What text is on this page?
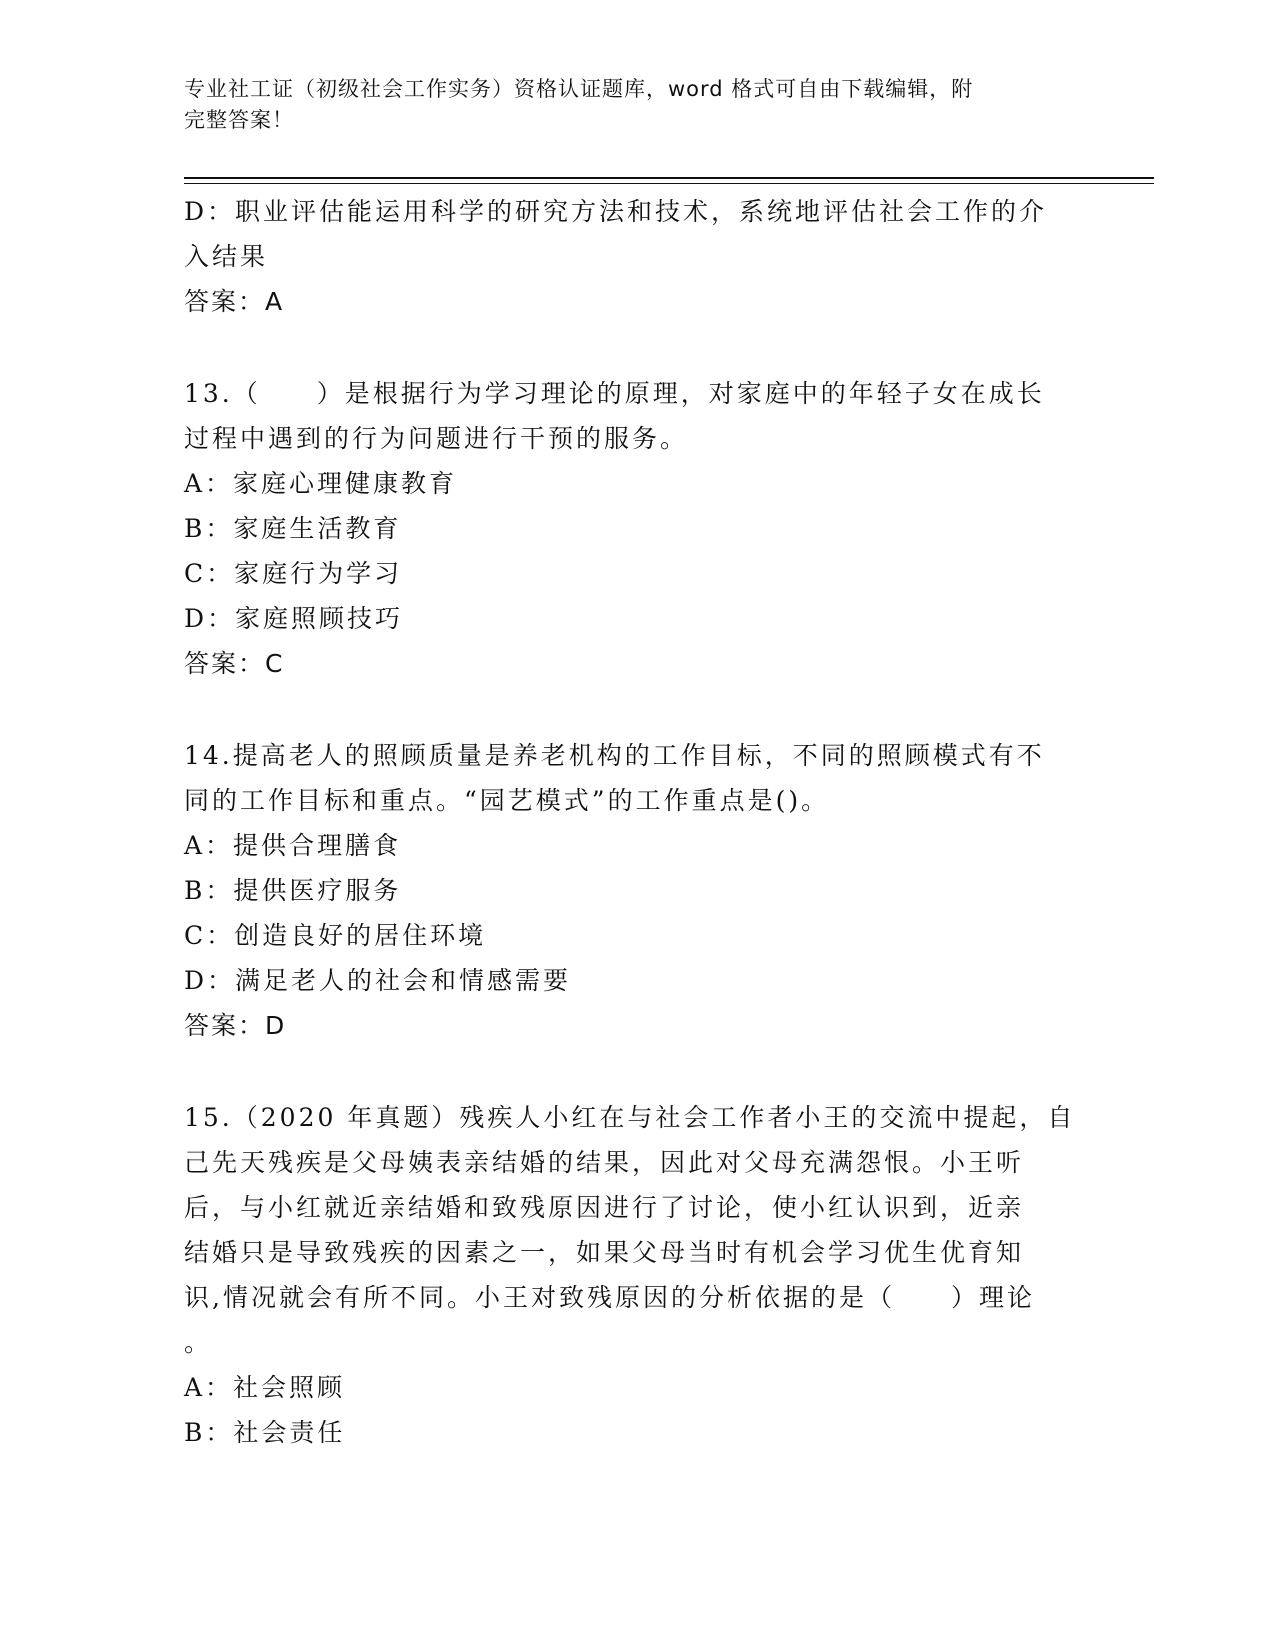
专业社工证（初级社会工作实务）资格认证题库，word 格式可自由下载编辑，附
完整答案！
D：职业评估能运用科学的研究方法和技术，系统地评估社会工作的介
入结果
答案：A
13.（　　）是根据行为学习理论的原理，对家庭中的年轻子女在成长
过程中遇到的行为问题进行干预的服务。
A：家庭心理健康教育
B：家庭生活教育
C：家庭行为学习
D：家庭照顾技巧
答案：C
14.提高老人的照顾质量是养老机构的工作目标，不同的照顾模式有不
同的工作目标和重点。“园艺模式”的工作重点是()。
A：提供合理膳食
B：提供医疗服务
C：创造良好的居住环境
D：满足老人的社会和情感需要
答案：D
15.（2020 年真题）残疾人小红在与社会工作者小王的交流中提起，自
己先天残疾是父母姨表亲结婚的结果，因此对父母充满怨恨。小王听
后，与小红就近亲结婚和致残原因进行了讨论，使小红认识到，近亲
结婚只是导致残疾的因素之一，如果父母当时有机会学习优生优育知
识,情况就会有所不同。小王对致残原因的分析依据的是（　　）理论
。
A：社会照顾
B：社会责任
